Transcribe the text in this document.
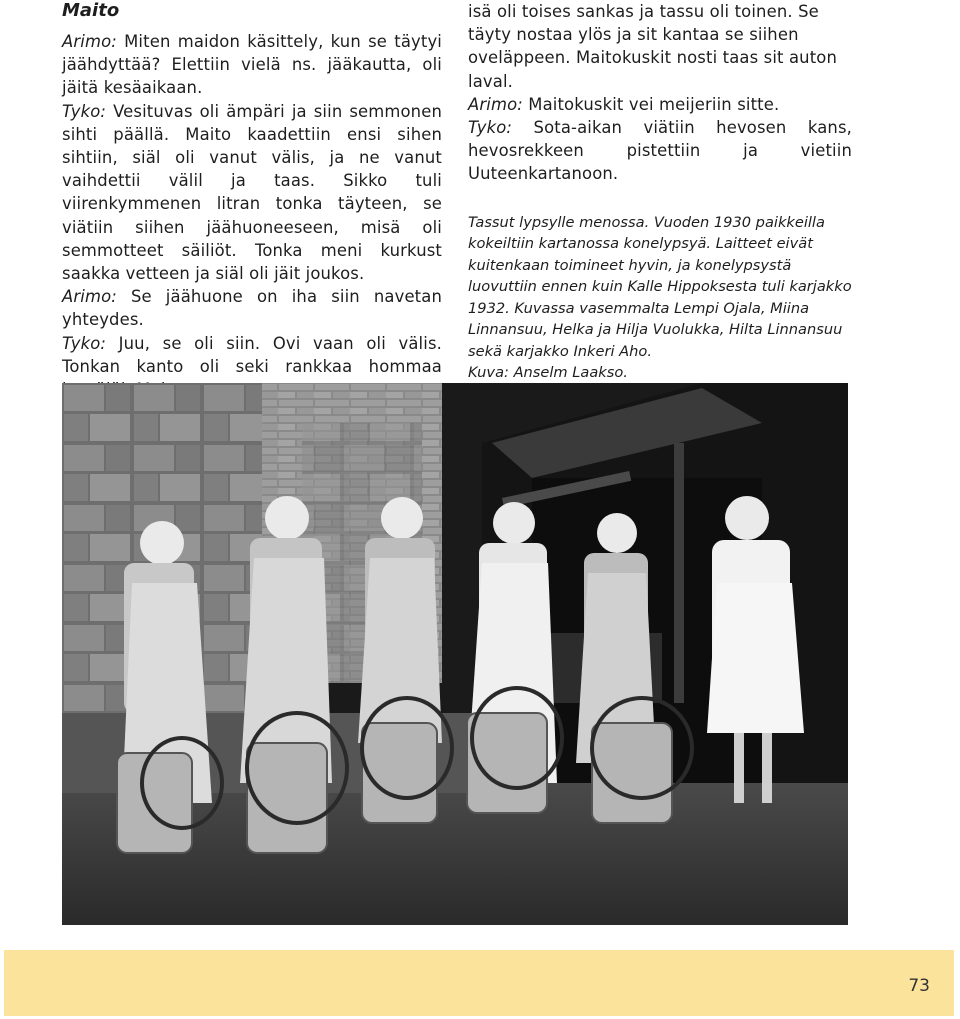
Maito

Arimo: Miten maidon käsittely, kun se täytyi jäähdyttää? Elettiin vielä ns. jääkautta, oli jäitä kesäaikaan.

Tyko: Vesituvas oli ämpäri ja siin semmonen sihti päällä. Maito kaadettiin ensi sihen sihtiin, siäl oli vanut välis, ja ne vanut vaihdettii välil ja taas. Sikko tuli viirenkymmenen litran tonka täyteen, se viätiin siihen jäähuoneeseen, misä oli semmotteet säiliöt. Tonka meni kurkust saakka vetteen ja siäl oli jäit joukos.

Arimo: Se jäähuone on iha siin navetan yhteydes.

Tyko: Juu, se oli siin. Ovi vaan oli välis. Tonkan kanto oli seki rankkaa hommaa

isä oli toises sankas ja tassu oli toinen. Se täyty nostaa ylös ja sit kantaa se siihen oveläppeen. Maitokuskit nosti taas sit auton laval.

Arimo: Maitokuskit vei meijeriin sitte.

Tyko: Sota-aikan viätiin hevosen kans, hevosrekkeen pistettiin ja vietiin Uuteenkartanoon.

Tassut lypsylle menossa. Vuoden 1930 paikkeilla kokeiltiin kartanossa konelypsyä. Laitteet eivät kuitenkaan toimineet hyvin, ja konelypsystä luovuttiin ennen kuin Kalle Hippoksesta tuli karjakko 1932. Kuvassa vasemmalta Lempi Ojala, Miina Linnansuu, Helka ja Hilja Vuolukka, Hilta Linnansuu sekä karjakko Inkeri Aho.

Kuva: Anselm Laakso.

73
